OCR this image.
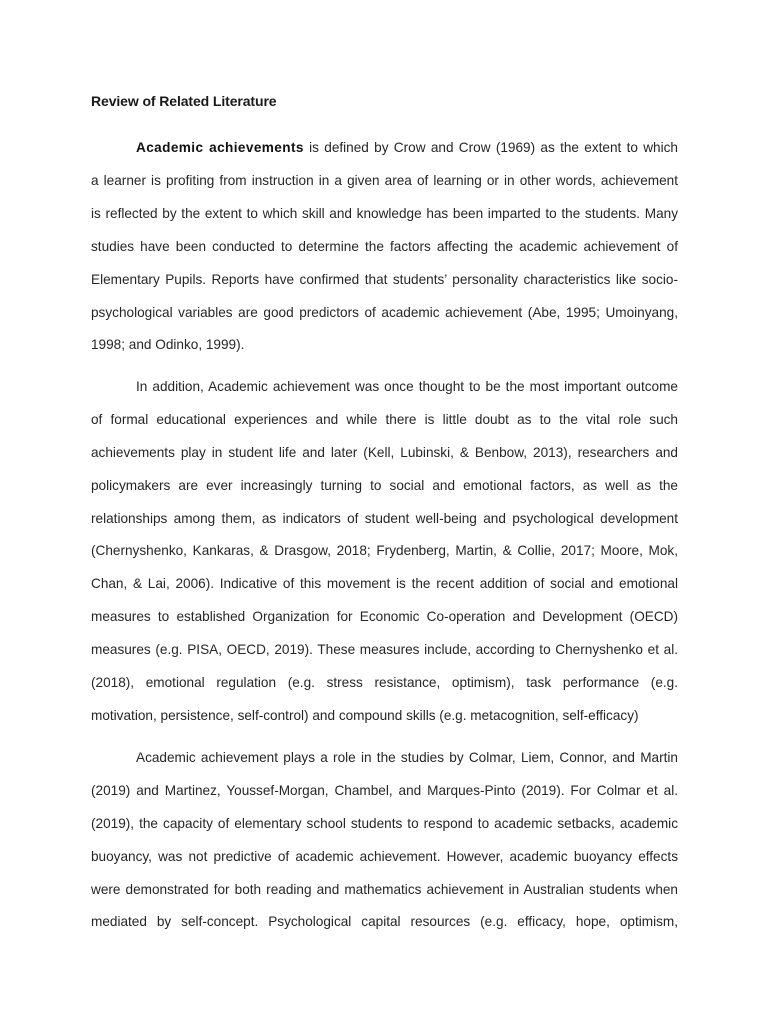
Review of Related Literature
Academic achievements is defined by Crow and Crow (1969) as the extent to which
a learner is profiting from instruction in a given area of learning or in other words, achievement
is reflected by the extent to which skill and knowledge has been imparted to the students. Many
studies have been conducted to determine the factors affecting the academic achievement of
Elementary Pupils. Reports have confirmed that students’ personality characteristics like socio-
psychological variables are good predictors of academic achievement (Abe, 1995; Umoinyang,
1998; and Odinko, 1999).
In addition, Academic achievement was once thought to be the most important outcome
of formal educational experiences and while there is little doubt as to the vital role such
achievements play in student life and later (Kell, Lubinski, & Benbow, 2013), researchers and
policymakers are ever increasingly turning to social and emotional factors, as well as the
relationships among them, as indicators of student well-being and psychological development
(Chernyshenko, Kankaras, & Drasgow, 2018; Frydenberg, Martin, & Collie, 2017; Moore, Mok,
Chan, & Lai, 2006). Indicative of this movement is the recent addition of social and emotional
measures to established Organization for Economic Co-operation and Development (OECD)
measures (e.g. PISA, OECD, 2019). These measures include, according to Chernyshenko et al.
(2018), emotional regulation (e.g. stress resistance, optimism), task performance (e.g.
motivation, persistence, self-control) and compound skills (e.g. metacognition, self-efficacy)
Academic achievement plays a role in the studies by Colmar, Liem, Connor, and Martin
(2019) and Martinez, Youssef-Morgan, Chambel, and Marques-Pinto (2019). For Colmar et al.
(2019), the capacity of elementary school students to respond to academic setbacks, academic
buoyancy, was not predictive of academic achievement. However, academic buoyancy effects
were demonstrated for both reading and mathematics achievement in Australian students when
mediated by self-concept. Psychological capital resources (e.g. efficacy, hope, optimism,
